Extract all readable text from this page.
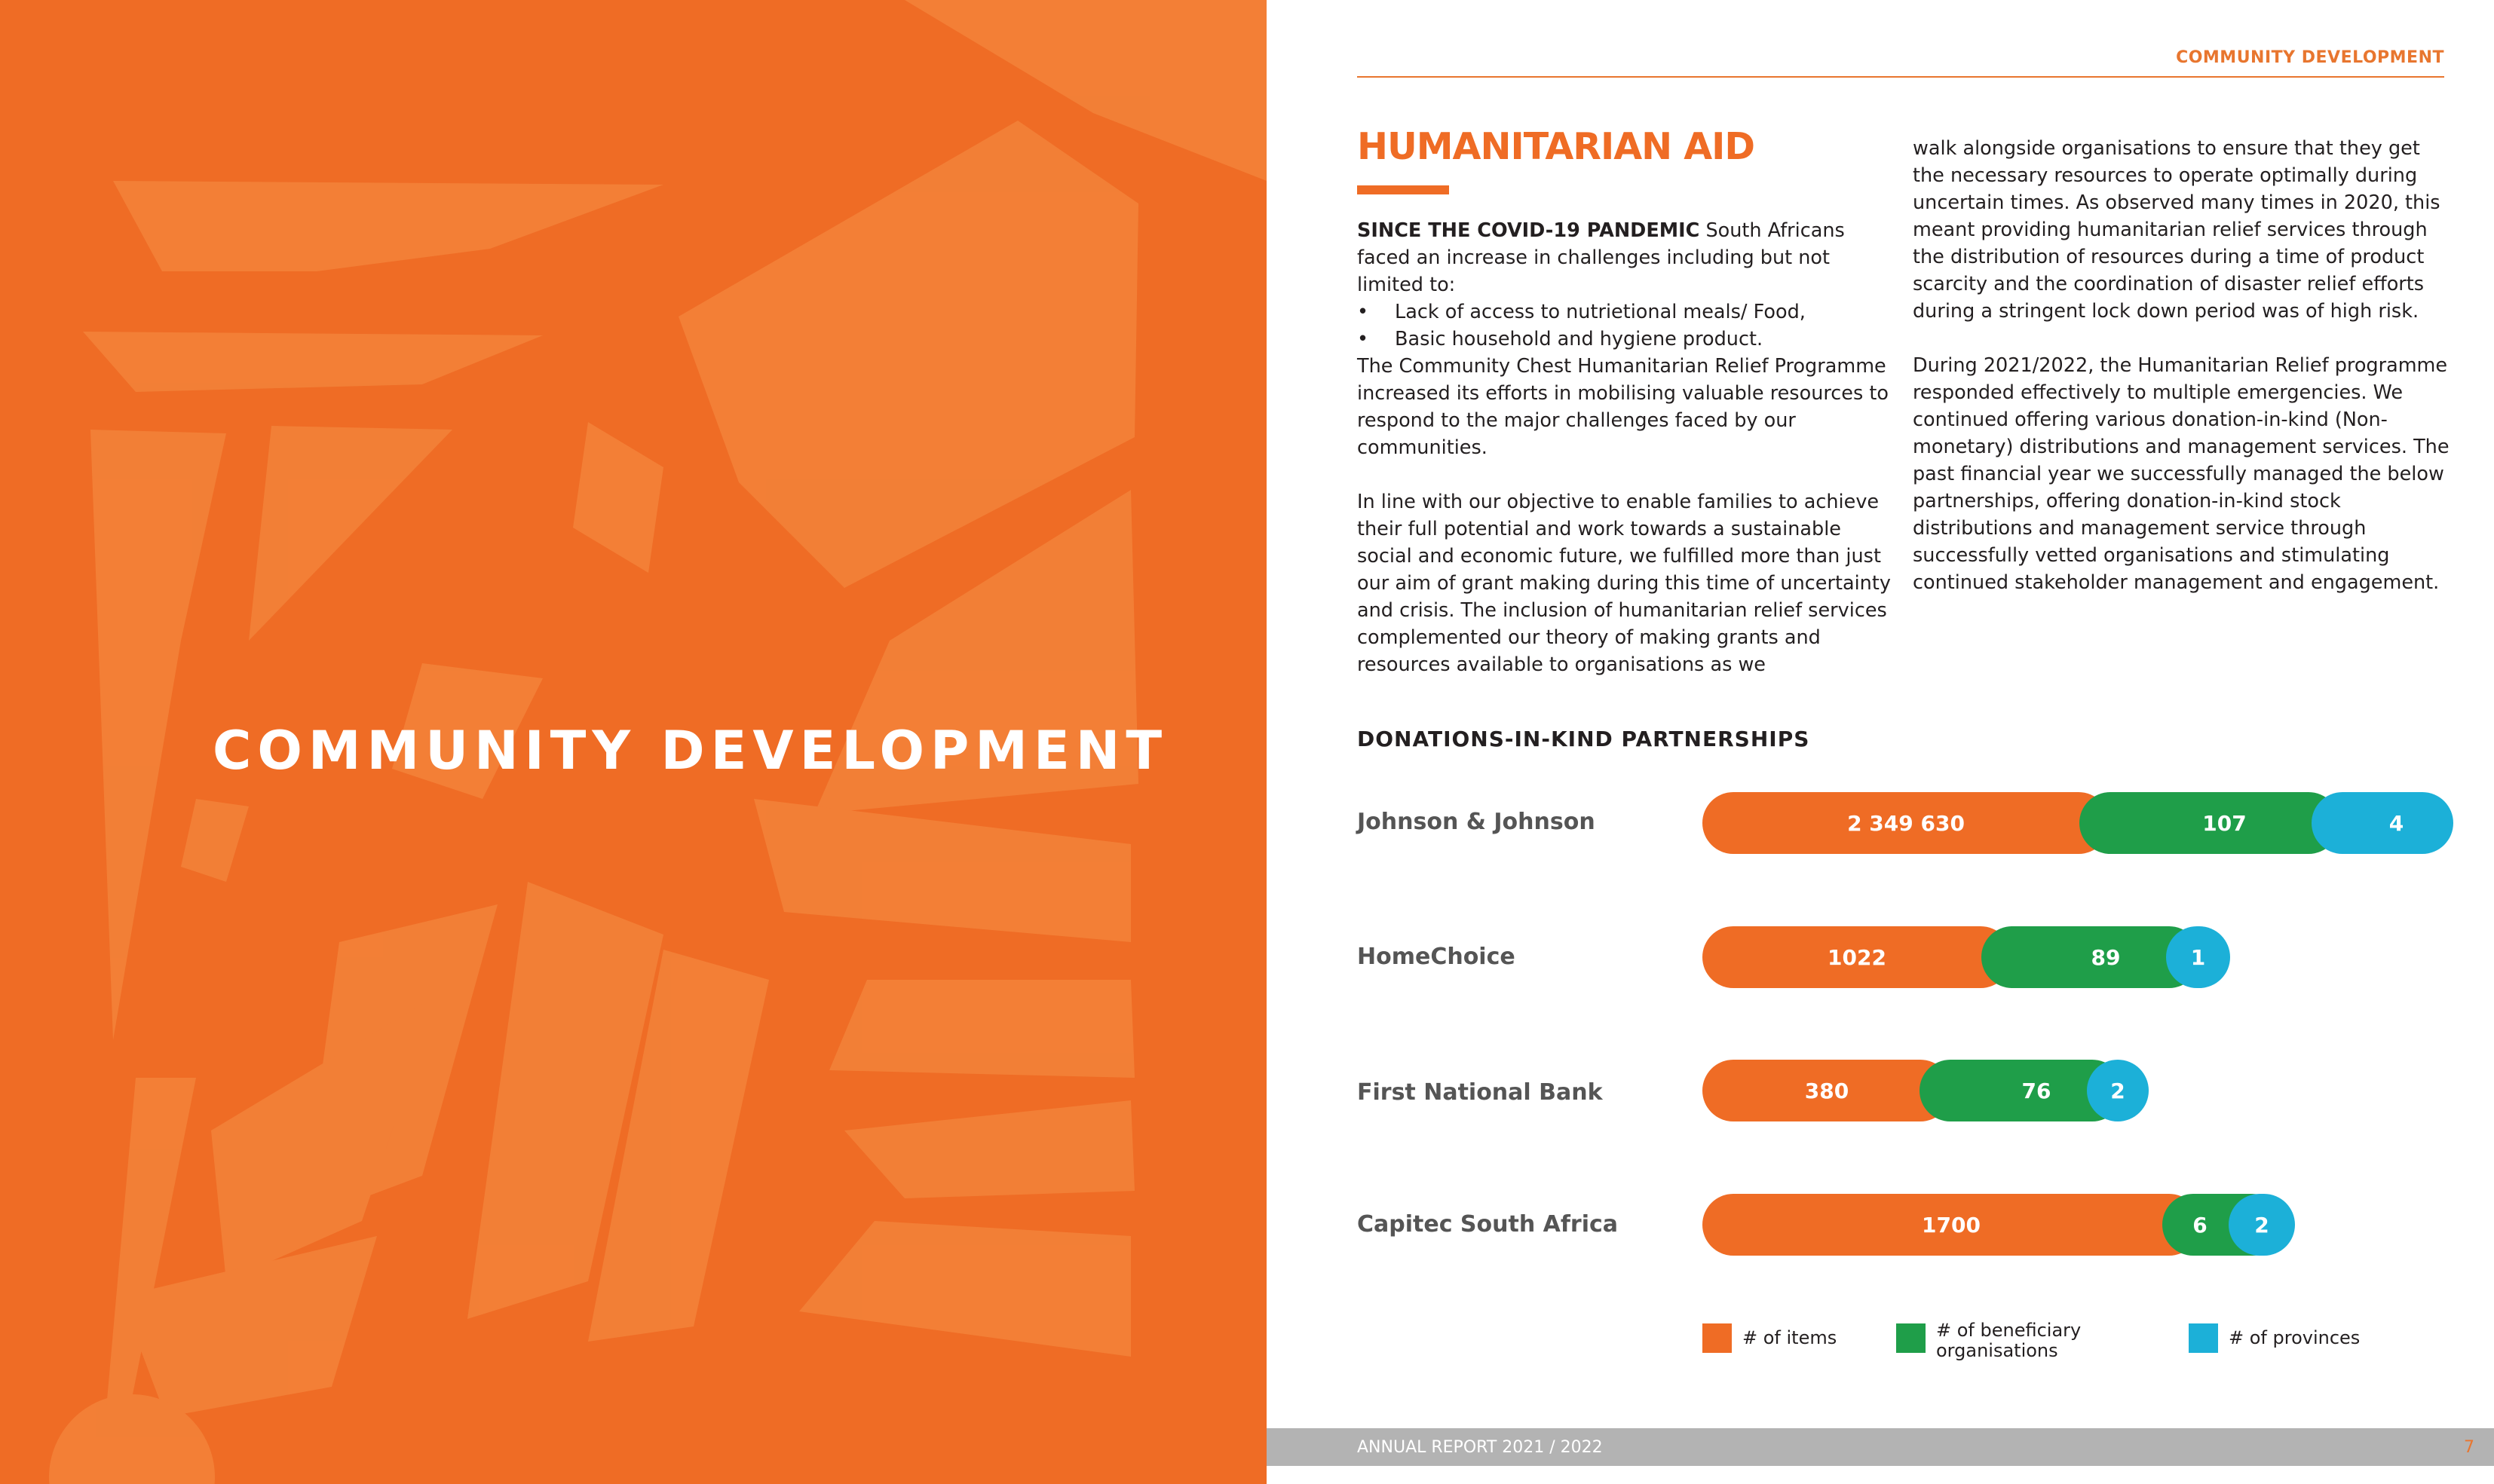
COMMUNITY DEVELOPMENT
COMMUNITY DEVELOPMENT
HUMANITARIAN AID

SINCE THE COVID-19 PANDEMIC South Africans faced an increase in challenges including but not limited to:

•	Lack of access to nutrietional meals/ Food,
•	Basic household and hygiene product.

The Community Chest Humanitarian Relief Programme increased its efforts in mobilising valuable resources to respond to the major challenges faced by our communities.

In line with our objective to enable families to achieve their full potential and work towards a sustainable social and economic future, we fulfilled more than just our aim of grant making during this time of uncertainty and crisis. The inclusion of humanitarian relief services complemented our theory of making grants and resources available to organisations as we

walk alongside organisations to ensure that they get the necessary resources to operate optimally during uncertain times. As observed many times in 2020, this meant providing humanitarian relief services through the distribution of resources during a time of product scarcity and the coordination of disaster relief efforts during a stringent lock down period was of high risk.

During 2021/2022, the Humanitarian Relief programme responded effectively to multiple emergencies. We continued offering various donation-in-kind (Non-monetary) distributions and management services. The past financial year we successfully managed the below partnerships, offering donation-in-kind stock distributions and management service through successfully vetted organisations and stimulating continued stakeholder management and engagement.

DONATIONS-IN-KIND PARTNERSHIPS
Johnson & Johnson	2 349 630	107	4
HomeChoice	1022	89	1
First National Bank	380	76	2
Capitec South Africa	1700	6	2
# of items	# of beneficiary organisations
# of provinces
ANNUAL REPORT 2021 / 2022	7
